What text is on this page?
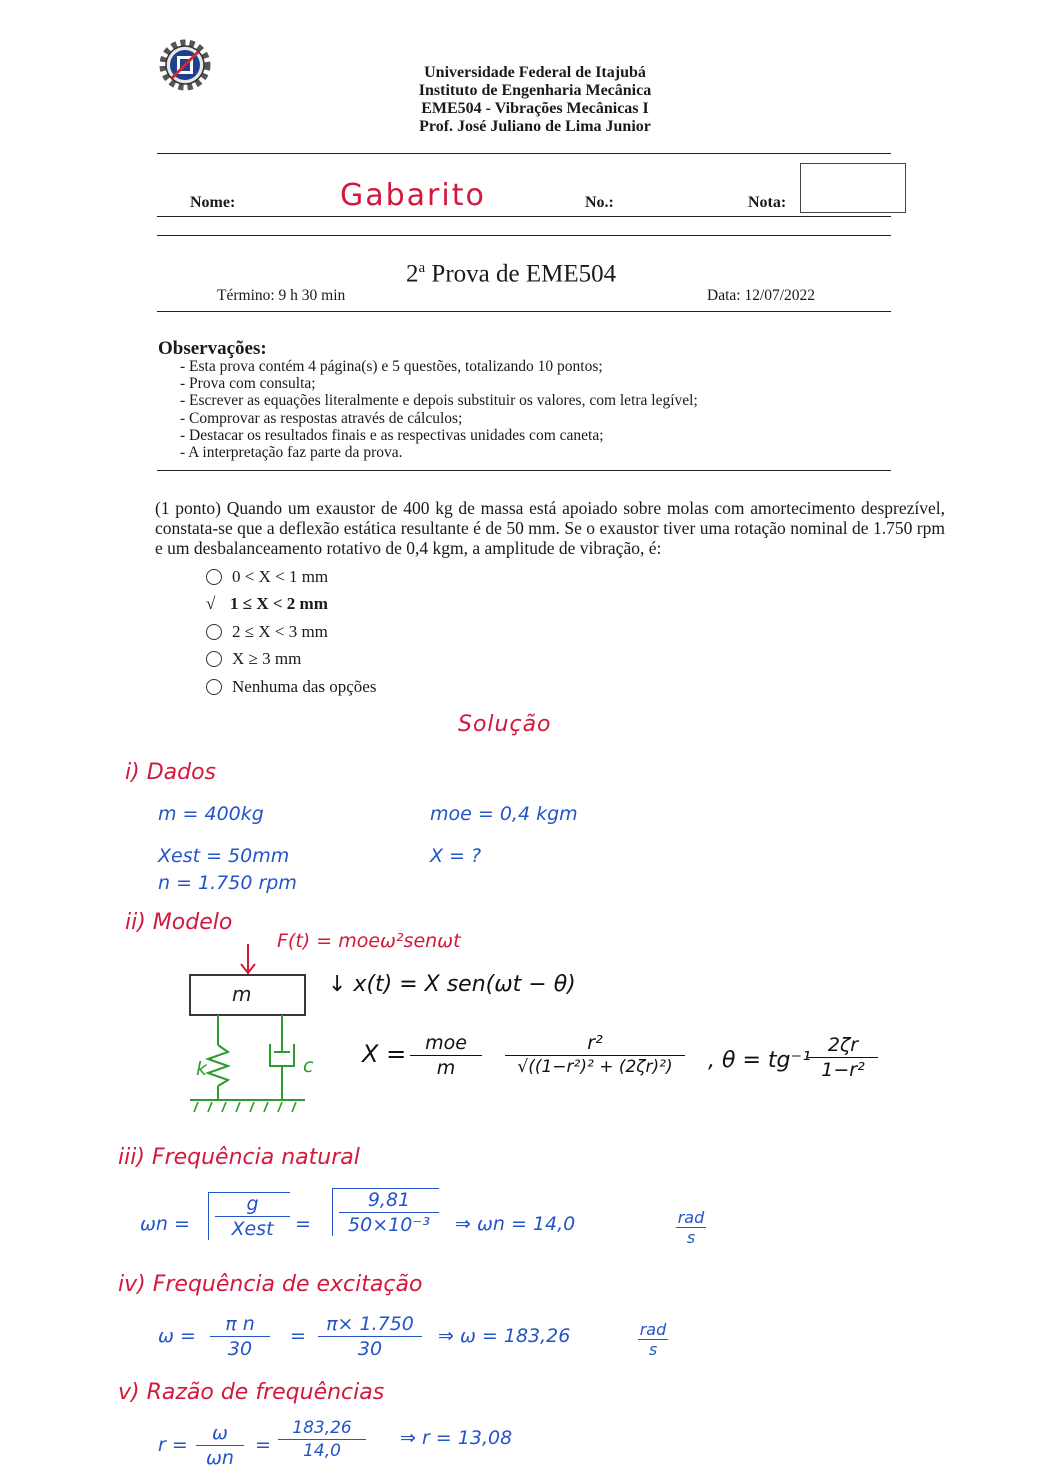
Universidade Federal de Itajubá
Instituto de Engenharia Mecânica
EME504 - Vibrações Mecânicas I
Prof. José Juliano de Lima Junior
Nome:	Gabarito	No.:	Nota:
2$^a$ Prova de EME504
Término: 9 h 30 min	Data: 12/07/2022
Observações:
- Esta prova contém 4 página(s) e 5 questões, totalizando 10 pontos;
- Prova com consulta;
- Escrever as equações literalmente e depois substituir os valores, com letra legível;
- Comprovar as respostas através de cálculos;
- Destacar os resultados finais e as respectivas unidades com caneta;
- A interpretação faz parte da prova.
(1 ponto) Quando um exaustor de 400 kg de massa está apoiado sobre molas com amortecimento desprezível, constata-se que a deflexão estática resultante é de 50 mm. Se o exaustor tiver uma rotação nominal de 1.750 rpm e um desbalanceamento rotativo de 0,4 kgm, a amplitude de vibração, é:
0 < X < 1 mm
√ 1 ≤ X < 2 mm
2 ≤ X < 3 mm
X ≥ 3 mm
Nenhuma das opções
Solução
i) Dados
m = 400kg
Xest = 50mm
n = 1.750 rpm
moe = 0,4 kgm
X = ?
ii) Modelo
F(t) = moeω²senωt
m
k	c
↓ x(t) = X sen(ωt − θ)
X = moe
m
r²
√((1−r²)² + (2ζr)²)	, θ = tg⁻¹
2ζr
1−r²
iii) Frequência natural
ωn =
g
Xest	=
9,81
50×10⁻³	⇒ ωn = 14,0	rad
s
iv) Frequência de excitação
ω =
π n
30
=
π× 1.750
30
⇒ ω = 183,26	rad
s
v) Razão de frequências
r =
ω
ωn
=
183,26
14,0
⇒ r = 13,08
